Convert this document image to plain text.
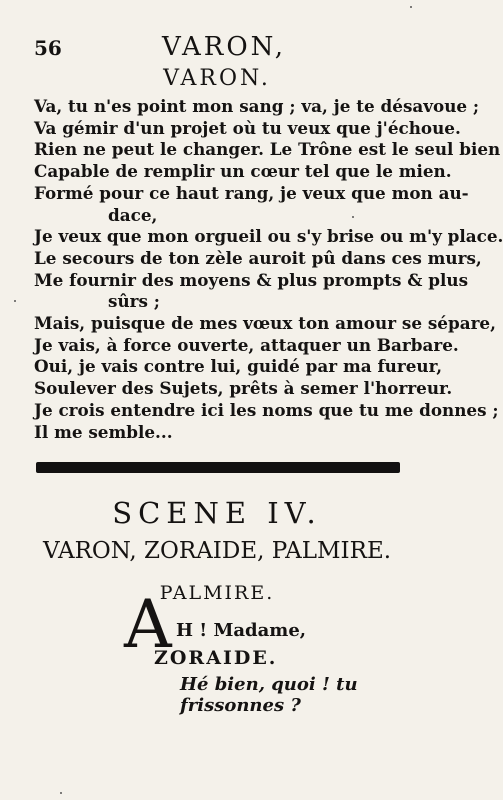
56	VARON,
VARON.
Va, tu n'es point mon sang ; va, je te désavoue ;
Va gémir d'un projet où tu veux que j'échoue.
Rien ne peut le changer. Le Trône est le seul bien
Capable de remplir un cœur tel que le mien.
Formé pour ce haut rang, je veux que mon au-
dace,
Je veux que mon orgueil ou s'y brise ou m'y place.
Le secours de ton zèle auroit pû dans ces murs,
Me fournir des moyens & plus prompts & plus
sûrs ;
Mais, puisque de mes vœux ton amour se sépare,
Je vais, à force ouverte, attaquer un Barbare.
Oui, je vais contre lui, guidé par ma fureur,
Soulever des Sujets, prêts à semer l'horreur.
Je crois entendre ici les noms que tu me donnes ;
Il me semble...
SCENE IV.
VARON, ZORAIDE, PALMIRE.
PALMIRE.
A H ! Madame,
ZORAIDE.
Hé bien, quoi ! tu frissonnes ?
